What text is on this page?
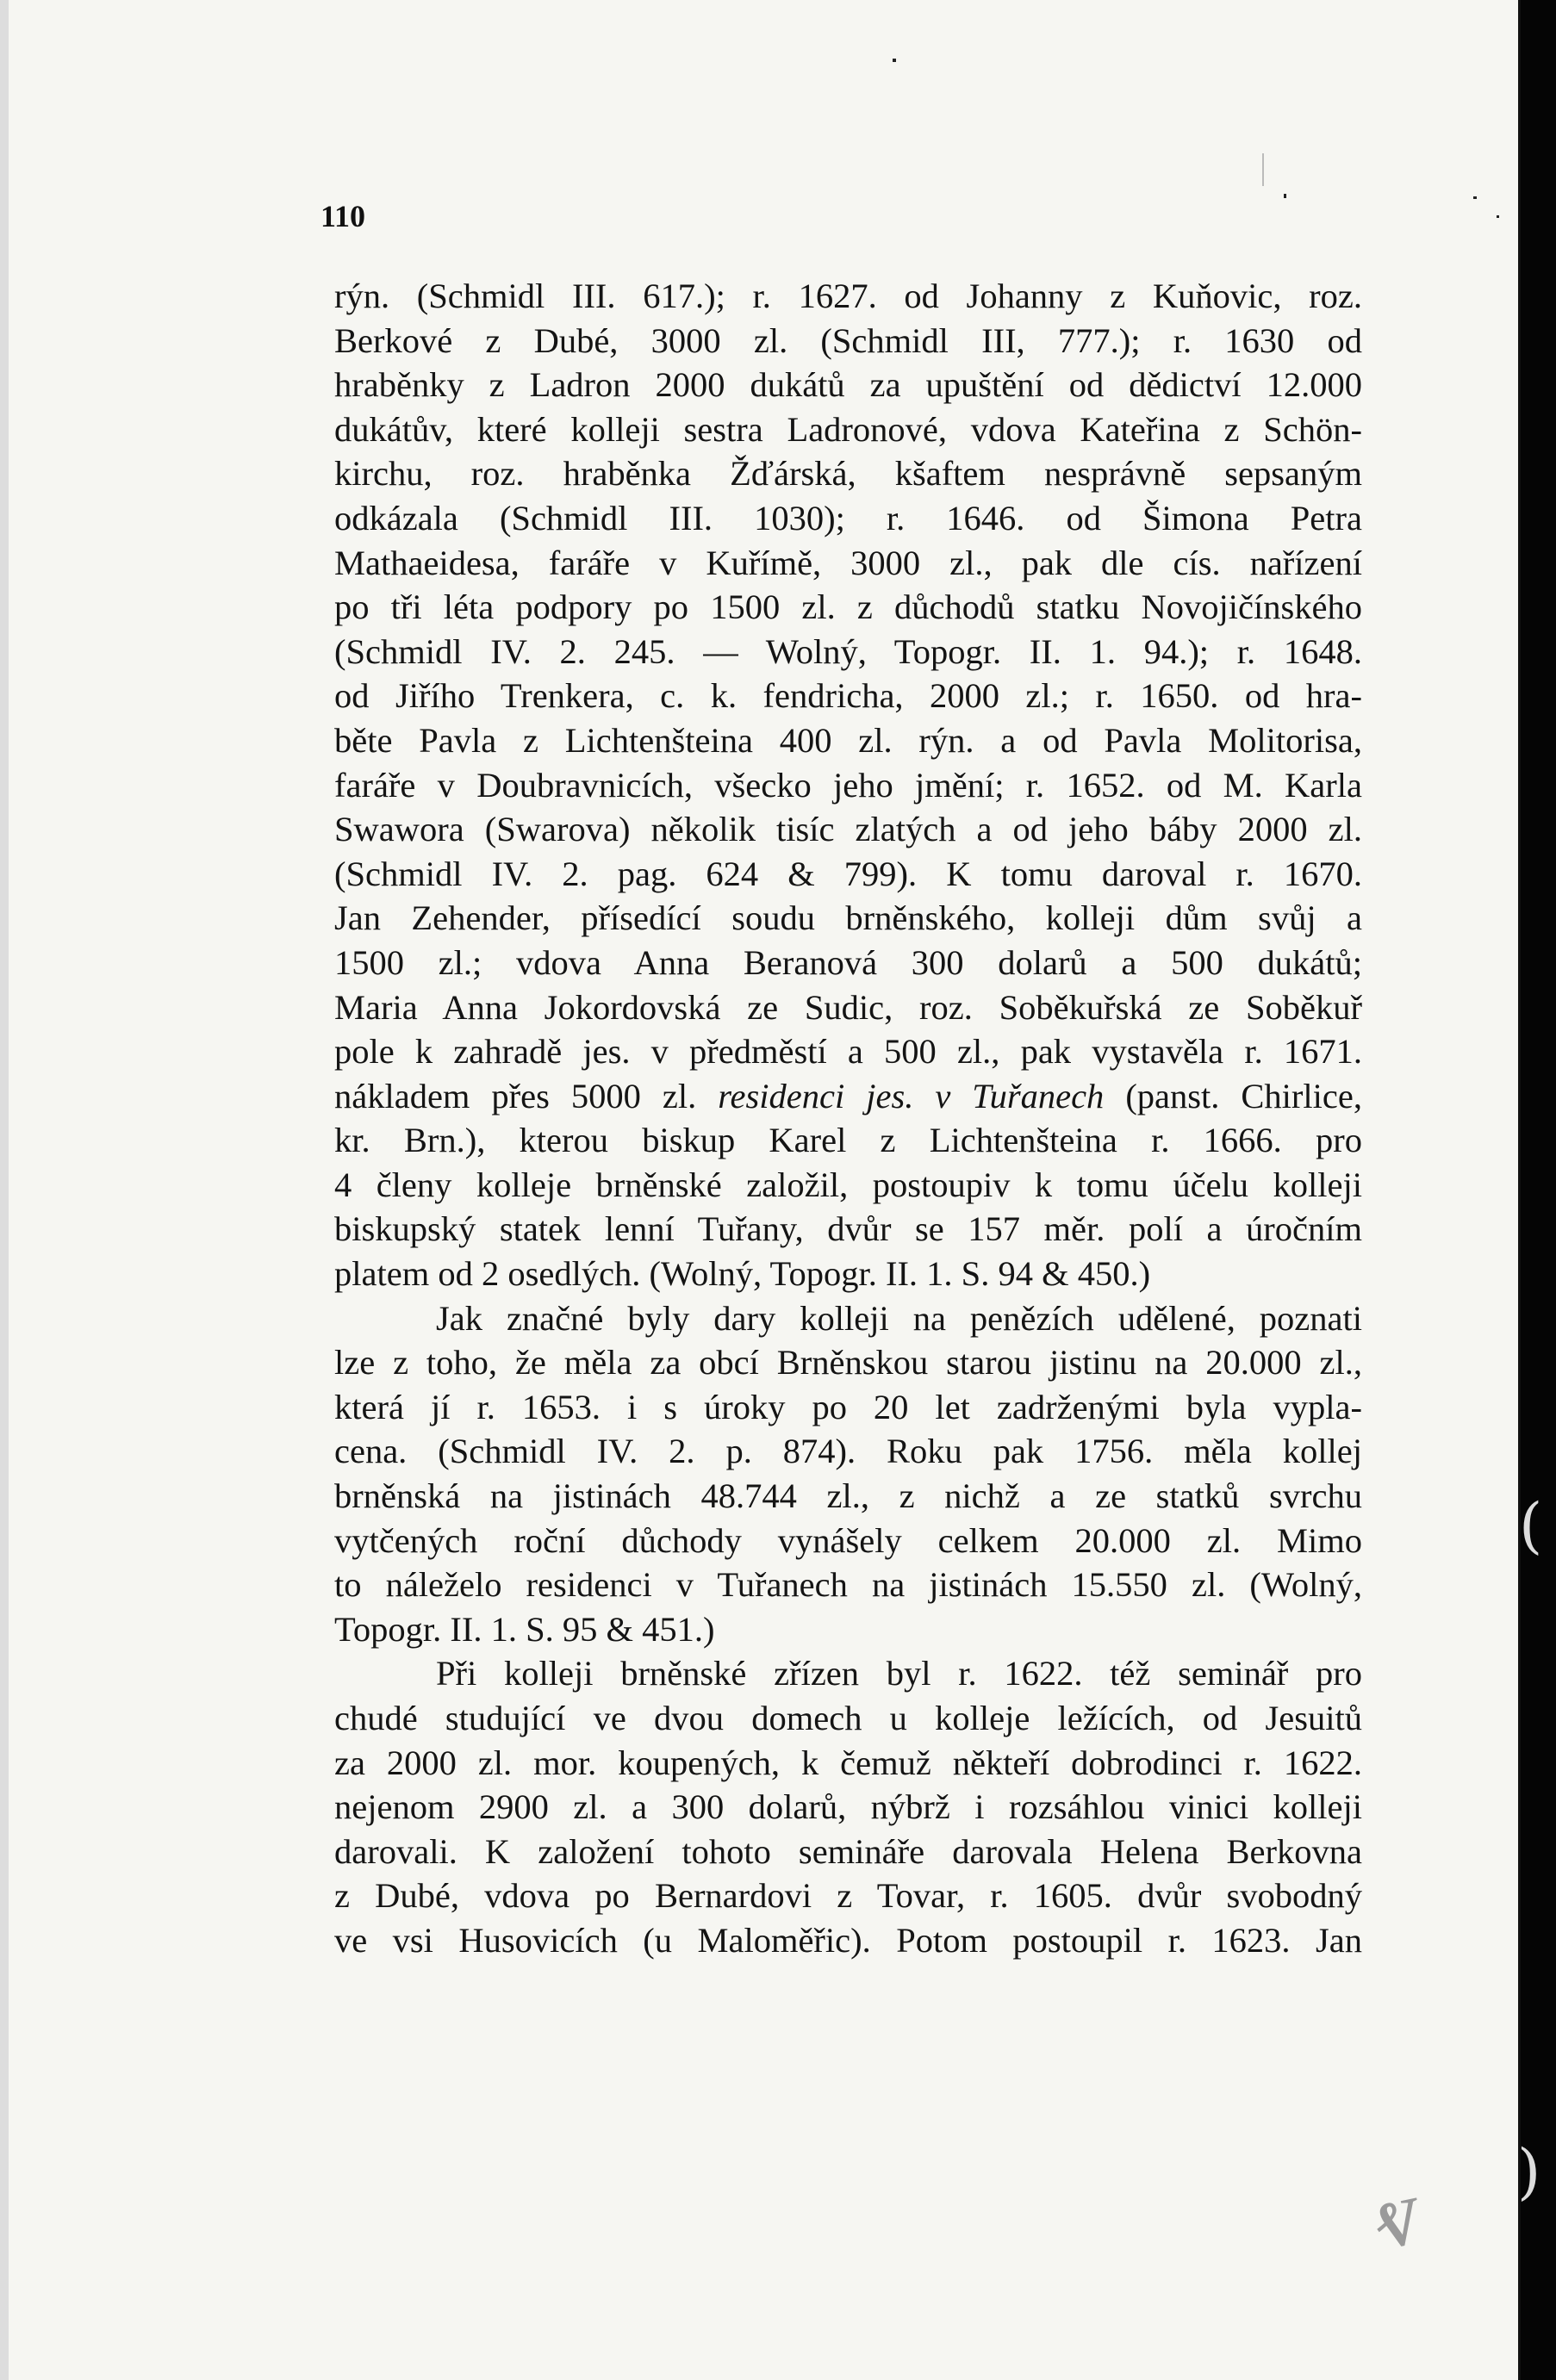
110
rýn. (Schmidl III. 617.); r. 1627. od Johanny z Kuňovic, roz.
Berkové z Dubé, 3000 zl. (Schmidl III, 777.); r. 1630 od
hraběnky z Ladron 2000 dukátů za upuštění od dědictví 12.000
dukátův, které kolleji sestra Ladronové, vdova Kateřina z Schön-
kirchu, roz. hraběnka Žďárská, kšaftem nesprávně sepsaným
odkázala (Schmidl III. 1030); r. 1646. od Šimona Petra
Mathaeidesa, faráře v Kuřímě, 3000 zl., pak dle cís. nařízení
po tři léta podpory po 1500 zl. z důchodů statku Novojičínského
(Schmidl IV. 2. 245. — Wolný, Topogr. II. 1. 94.); r. 1648.
od Jiřího Trenkera, c. k. fendricha, 2000 zl.; r. 1650. od hra-
běte Pavla z Lichtenšteina 400 zl. rýn. a od Pavla Molitorisa,
faráře v Doubravnicích, všecko jeho jmění; r. 1652. od M. Karla
Swawora (Swarova) několik tisíc zlatých a od jeho báby 2000 zl.
(Schmidl IV. 2. pag. 624 & 799). K tomu daroval r. 1670.
Jan Zehender, přísedící soudu brněnského, kolleji dům svůj a
1500 zl.; vdova Anna Beranová 300 dolarů a 500 dukátů;
Maria Anna Jokordovská ze Sudic, roz. Soběkuřská ze Soběkuř
pole k zahradě jes. v předměstí a 500 zl., pak vystavěla r. 1671.
nákladem přes 5000 zl. residenci jes. v Tuřanech (panst. Chirlice,
kr. Brn.), kterou biskup Karel z Lichtenšteina r. 1666. pro
4 členy kolleje brněnské založil, postoupiv k tomu účelu kolleji
biskupský statek lenní Tuřany, dvůr se 157 měr. polí a úročním
platem od 2 osedlých. (Wolný, Topogr. II. 1. S. 94 & 450.)
Jak značné byly dary kolleji na penězích udělené, poznati
lze z toho, že měla za obcí Brněnskou starou jistinu na 20.000 zl.,
která jí r. 1653. i s úroky po 20 let zadrženými byla vypla-
cena. (Schmidl IV. 2. p. 874). Roku pak 1756. měla kollej
brněnská na jistinách 48.744 zl., z nichž a ze statků svrchu
vytčených roční důchody vynášely celkem 20.000 zl. Mimo
to náleželo residenci v Tuřanech na jistinách 15.550 zl. (Wolný,
Topogr. II. 1. S. 95 & 451.)
Při kolleji brněnské zřízen byl r. 1622. též seminář pro
chudé studující ve dvou domech u kolleje ležících, od Jesuitů
za 2000 zl. mor. koupených, k čemuž někteří dobrodinci r. 1622.
nejenom 2900 zl. a 300 dolarů, nýbrž i rozsáhlou vinici kolleji
darovali. K založení tohoto semináře darovala Helena Berkovna
z Dubé, vdova po Bernardovi z Tovar, r. 1605. dvůr svobodný
ve vsi Husovicích (u Maloměřic). Potom postoupil r. 1623. Jan
ⱴ
(
)
